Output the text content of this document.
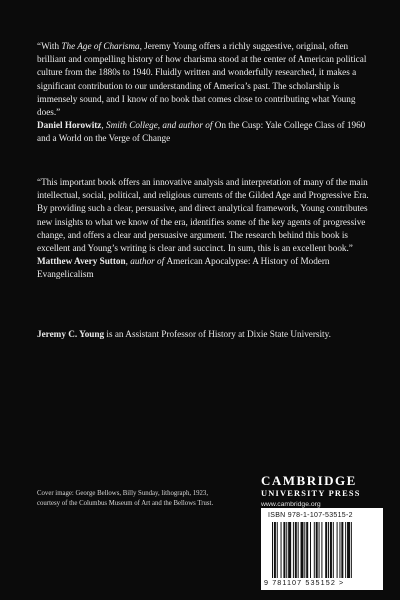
“With The Age of Charisma, Jeremy Young offers a richly suggestive, original, often brilliant and compelling history of how charisma stood at the center of American political culture from the 1880s to 1940. Fluidly written and wonderfully researched, it makes a significant contribution to our understanding of America’s past. The scholarship is immensely sound, and I know of no book that comes close to contributing what Young does.”

Daniel Horowitz, Smith College, and author of On the Cusp: Yale College Class of 1960 and a World on the Verge of Change

“This important book offers an innovative analysis and interpretation of many of the main intellectual, social, political, and religious currents of the Gilded Age and Progressive Era. By providing such a clear, persuasive, and direct analytical framework, Young contributes new insights to what we know of the era, identifies some of the key agents of progressive change, and offers a clear and persuasive argument. The research behind this book is excellent and Young’s writing is clear and succinct. In sum, this is an excellent book.”

Matthew Avery Sutton, author of American Apocalypse: A History of Modern Evangelicalism

Jeremy C. Young is an Assistant Professor of History at Dixie State University.
Cover image: George Bellows, Billy Sunday, lithograph, 1923, courtesy of the Columbus Museum of Art and the Bellows Trust.
CAMBRIDGE
UNIVERSITY PRESS
www.cambridge.org
ISBN 978-1-107-53515-2
9 781107 535152 >
